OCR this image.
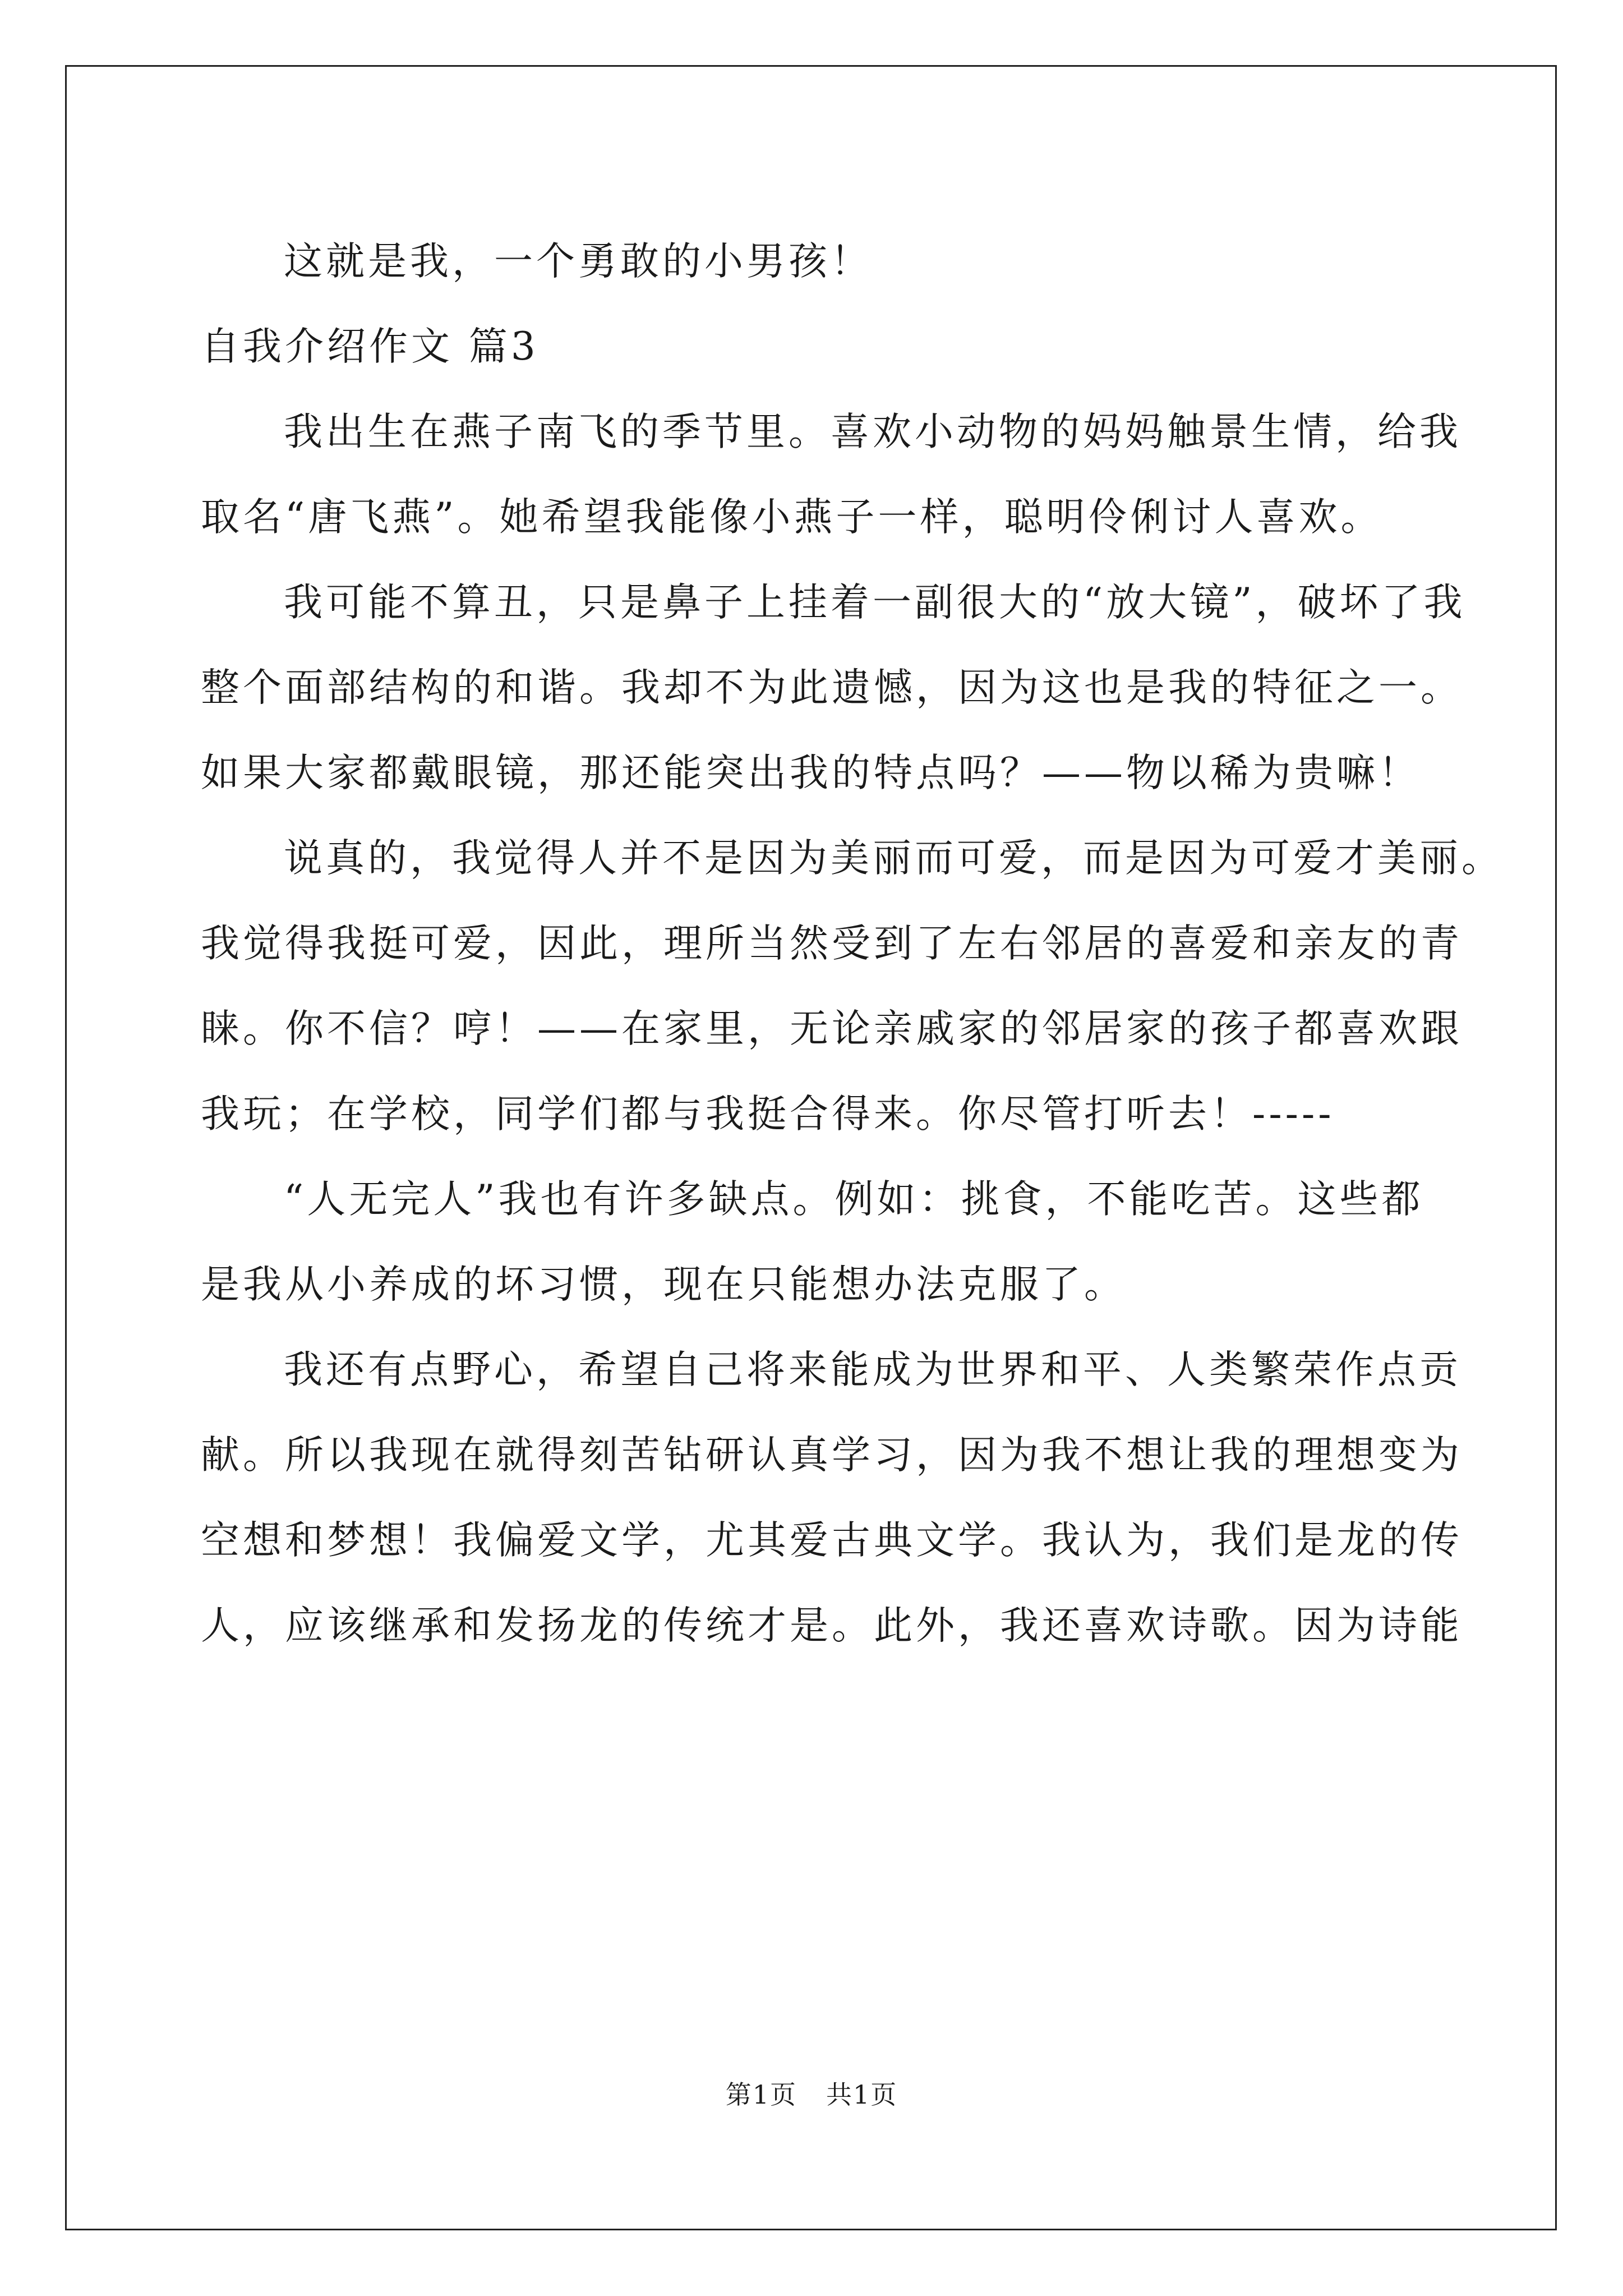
这就是我，一个勇敢的小男孩！
自我介绍作文 篇3
我出生在燕子南飞的季节里。喜欢小动物的妈妈触景生情，给我
取名“唐飞燕”。她希望我能像小燕子一样，聪明伶俐讨人喜欢。
我可能不算丑，只是鼻子上挂着一副很大的“放大镜”，破坏了我
整个面部结构的和谐。我却不为此遗憾，因为这也是我的特征之一。
如果大家都戴眼镜，那还能突出我的特点吗？——物以稀为贵嘛！
说真的，我觉得人并不是因为美丽而可爱，而是因为可爱才美丽。
我觉得我挺可爱，因此，理所当然受到了左右邻居的喜爱和亲友的青
睐。你不信？哼！——在家里，无论亲戚家的邻居家的孩子都喜欢跟
我玩；在学校，同学们都与我挺合得来。你尽管打听去！-----
“人无完人”我也有许多缺点。例如：挑食，不能吃苦。这些都
是我从小养成的坏习惯，现在只能想办法克服了。
我还有点野心，希望自己将来能成为世界和平、人类繁荣作点贡
献。所以我现在就得刻苦钻研认真学习，因为我不想让我的理想变为
空想和梦想！我偏爱文学，尤其爱古典文学。我认为，我们是龙的传
人，应该继承和发扬龙的传统才是。此外，我还喜欢诗歌。因为诗能
第1页 共1页
